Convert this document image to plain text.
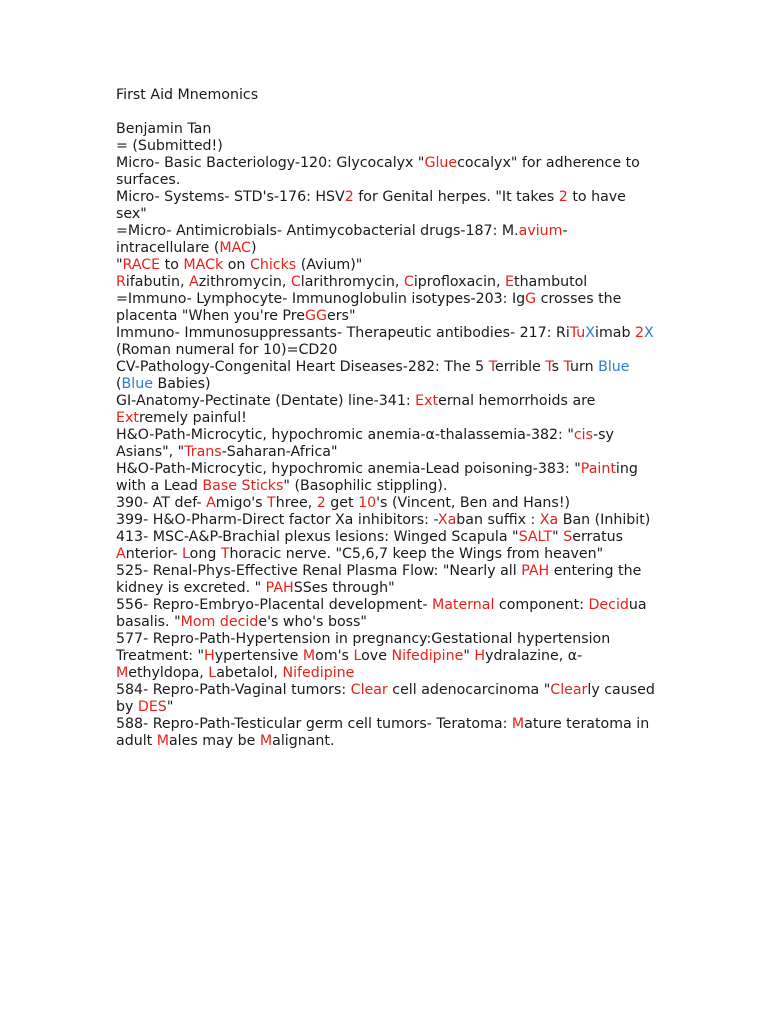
First Aid Mnemonics

Benjamin Tan

= (Submitted!)

Micro- Basic Bacteriology-120: Glycocalyx "Gluecocalyx" for adherence to surfaces.

Micro- Systems- STD's-176: HSV2 for Genital herpes. "It takes 2 to have sex"

=Micro- Antimicrobials- Antimycobacterial drugs-187: M.avium-intracellulare (MAC)

"RACE to MACk on Chicks (Avium)"

Rifabutin, Azithromycin, Clarithromycin, Ciprofloxacin, Ethambutol

=Immuno- Lymphocyte- Immunoglobulin isotypes-203: IgG crosses the placenta "When you're PreGGers"

Immuno- Immunosuppressants- Therapeutic antibodies- 217: RiTuXimab 2X (Roman numeral for 10)=CD20

CV-Pathology-Congenital Heart Diseases-282: The 5 Terrible Ts Turn Blue (Blue Babies)

GI-Anatomy-Pectinate (Dentate) line-341: External hemorrhoids are Extremely painful!

H&O-Path-Microcytic, hypochromic anemia-α-thalassemia-382: "cis-sy Asians", "Trans-Saharan-Africa"

H&O-Path-Microcytic, hypochromic anemia-Lead poisoning-383: "Painting with a Lead Base Sticks" (Basophilic stippling).

390- AT def- Amigo's Three, 2 get 10's (Vincent, Ben and Hans!)

399- H&O-Pharm-Direct factor Xa inhibitors: -Xaban suffix : Xa Ban (Inhibit)

413- MSC-A&P-Brachial plexus lesions: Winged Scapula "SALT" Serratus Anterior- Long Thoracic nerve. "C5,6,7 keep the Wings from heaven"

525- Renal-Phys-Effective Renal Plasma Flow: "Nearly all PAH entering the kidney is excreted. " PAHSSes through"

556- Repro-Embryo-Placental development- Maternal component: Decidua basalis. "Mom decide's who's boss"

577- Repro-Path-Hypertension in pregnancy:Gestational hypertension Treatment: "Hypertensive Mom's Love Nifedipine" Hydralazine, α-Methyldopa, Labetalol, Nifedipine

584- Repro-Path-Vaginal tumors: Clear cell adenocarcinoma "Clearly caused by DES"

588- Repro-Path-Testicular germ cell tumors- Teratoma: Mature teratoma in adult Males may be Malignant.
